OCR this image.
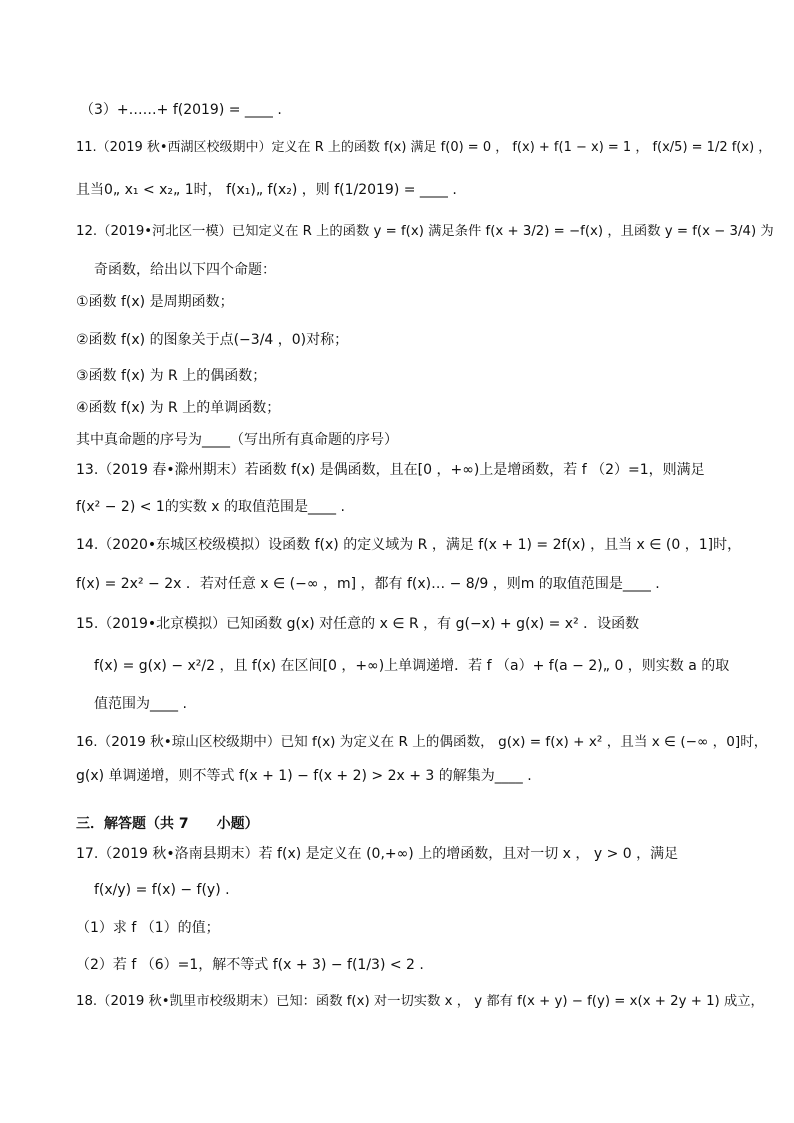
（3）+……+ f(2019) = ____ .
11.（2019 秋•西湖区校级期中）定义在 R 上的函数 f(x) 满足 f(0) = 0 ， f(x) + f(1 − x) = 1 ， f(x/5) = 1/2 f(x) ，
且当0„ x₁ < x₂„ 1时， f(x₁)„ f(x₂) ，则 f(1/2019) = ____ .
12.（2019•河北区一模）已知定义在 R 上的函数 y = f(x) 满足条件 f(x + 3/2) = −f(x) ，且函数 y = f(x − 3/4) 为
奇函数，给出以下四个命题：
①函数 f(x) 是周期函数；
②函数 f(x) 的图象关于点(−3/4 ，0)对称；
③函数 f(x) 为 R 上的偶函数；
④函数 f(x) 为 R 上的单调函数；
其中真命题的序号为____（写出所有真命题的序号）
13.（2019 春•滁州期末）若函数 f(x) 是偶函数，且在[0 ，+∞)上是增函数，若 f （2）=1，则满足
f(x² − 2) < 1的实数 x 的取值范围是____ .
14.（2020•东城区校级模拟）设函数 f(x) 的定义域为 R ，满足 f(x + 1) = 2f(x) ，且当 x ∈ (0 ，1]时，
f(x) = 2x² − 2x ．若对任意 x ∈ (−∞ ，m] ，都有 f(x)… − 8/9 ，则m 的取值范围是____ .
15.（2019•北京模拟）已知函数 g(x) 对任意的 x ∈ R ，有 g(−x) + g(x) = x² ．设函数
f(x) = g(x) − x²/2 ，且 f(x) 在区间[0 ，+∞)上单调递增．若 f （a）+ f(a − 2)„ 0 ，则实数 a 的取
值范围为____ .
16.（2019 秋•琼山区校级期中）已知 f(x) 为定义在 R 上的偶函数， g(x) = f(x) + x² ，且当 x ∈ (−∞ ，0]时，
g(x) 单调递增，则不等式 f(x + 1) − f(x + 2) > 2x + 3 的解集为____ .
三．解答题（共 7　　小题）
17.（2019 秋•洛南县期末）若 f(x) 是定义在 (0,+∞) 上的增函数，且对一切 x ， y > 0 ，满足
f(x/y) = f(x) − f(y) .
（1）求 f （1）的值；
（2）若 f （6）=1，解不等式 f(x + 3) − f(1/3) < 2 .
18.（2019 秋•凯里市校级期末）已知：函数 f(x) 对一切实数 x ， y 都有 f(x + y) − f(y) = x(x + 2y + 1) 成立，
